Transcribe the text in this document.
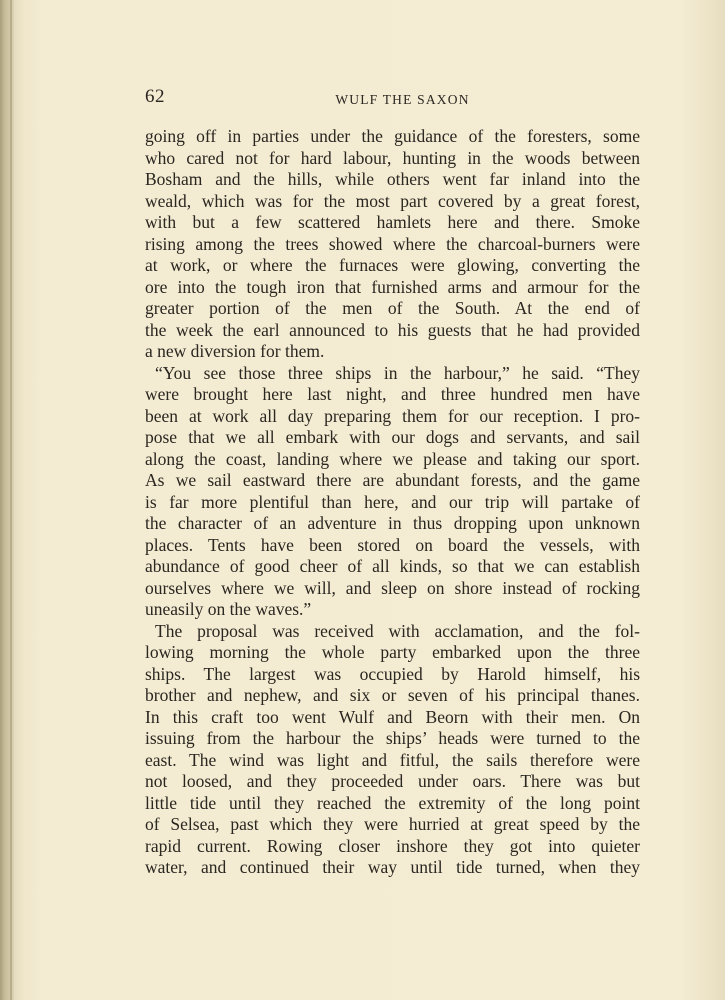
62	WULF THE SAXON
going off in parties under the guidance of the foresters, some
who cared not for hard labour, hunting in the woods between
Bosham and the hills, while others went far inland into the
weald, which was for the most part covered by a great forest,
with but a few scattered hamlets here and there. Smoke
rising among the trees showed where the charcoal-burners were
at work, or where the furnaces were glowing, converting the
ore into the tough iron that furnished arms and armour for the
greater portion of the men of the South. At the end of
the week the earl announced to his guests that he had provided
a new diversion for them.
“You see those three ships in the harbour,” he said. “They
were brought here last night, and three hundred men have
been at work all day preparing them for our reception. I pro-
pose that we all embark with our dogs and servants, and sail
along the coast, landing where we please and taking our sport.
As we sail eastward there are abundant forests, and the game
is far more plentiful than here, and our trip will partake of
the character of an adventure in thus dropping upon unknown
places. Tents have been stored on board the vessels, with
abundance of good cheer of all kinds, so that we can establish
ourselves where we will, and sleep on shore instead of rocking
uneasily on the waves.”
The proposal was received with acclamation, and the fol-
lowing morning the whole party embarked upon the three
ships. The largest was occupied by Harold himself, his
brother and nephew, and six or seven of his principal thanes.
In this craft too went Wulf and Beorn with their men. On
issuing from the harbour the ships’ heads were turned to the
east. The wind was light and fitful, the sails therefore were
not loosed, and they proceeded under oars. There was but
little tide until they reached the extremity of the long point
of Selsea, past which they were hurried at great speed by the
rapid current. Rowing closer inshore they got into quieter
water, and continued their way until tide turned, when they
